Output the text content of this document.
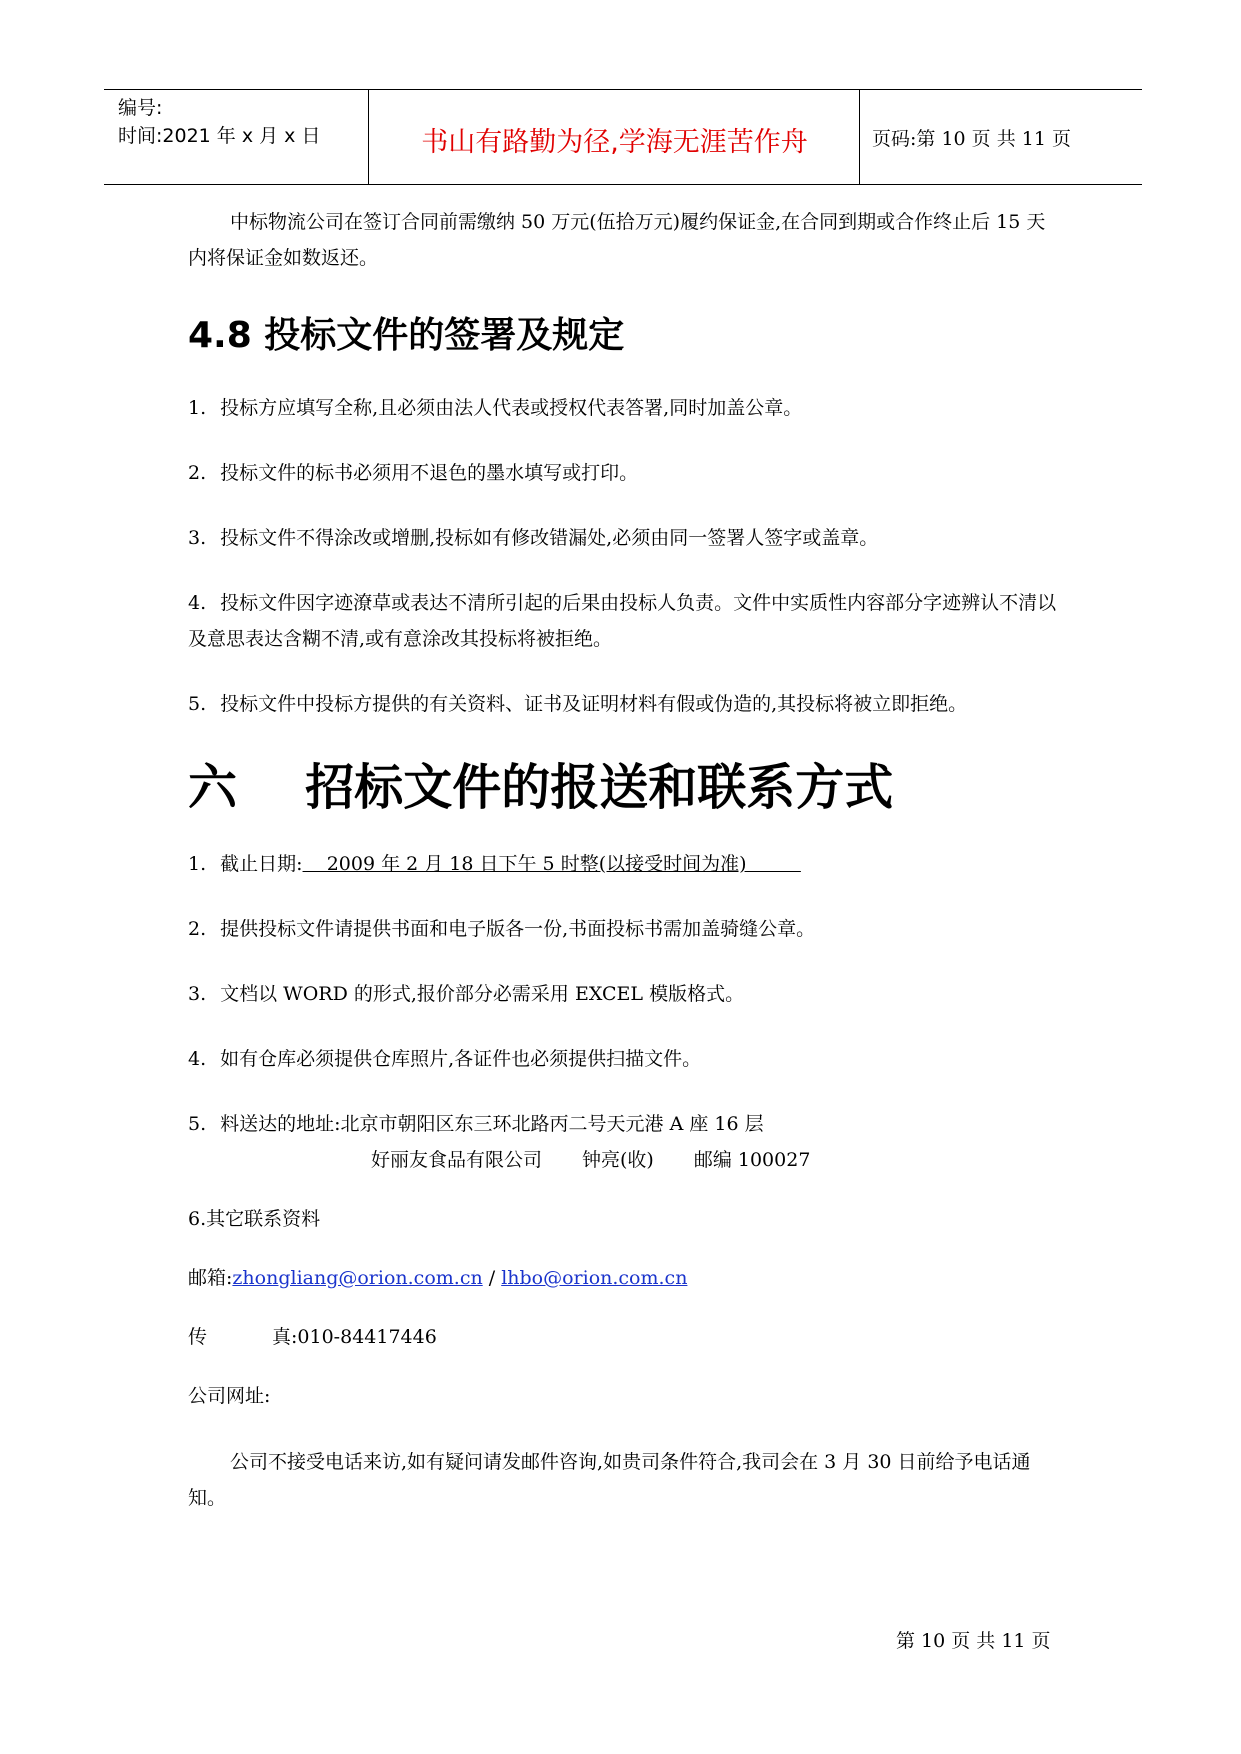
编号:
时间:2021 年 x 月 x 日	书山有路勤为径,学海无涯苦作舟	页码:第 10 页 共 11 页

中标物流公司在签订合同前需缴纳 50 万元(伍拾万元)履约保证金,在合同到期或合作终止后 15 天内将保证金如数返还。

4.8 投标文件的签署及规定

1. 投标方应填写全称,且必须由法人代表或授权代表答署,同时加盖公章。

2. 投标文件的标书必须用不退色的墨水填写或打印。

3. 投标文件不得涂改或增删,投标如有修改错漏处,必须由同一签署人签字或盖章。

4. 投标文件因字迹潦草或表达不清所引起的后果由投标人负责。文件中实质性内容部分字迹辨认不清以及意思表达含糊不清,或有意涂改其投标将被拒绝。

5. 投标文件中投标方提供的有关资料、证书及证明材料有假或伪造的,其投标将被立即拒绝。

六    招标文件的报送和联系方式

1. 截止日期:    2009 年 2 月 18 日下午 5 时整(以接受时间为准)

2. 提供投标文件请提供书面和电子版各一份,书面投标书需加盖骑缝公章。

3. 文档以 WORD 的形式,报价部分必需采用 EXCEL 模版格式。

4. 如有仓库必须提供仓库照片,各证件也必须提供扫描文件。

5. 料送达的地址:北京市朝阳区东三环北路丙二号天元港 A 座 16 层

好丽友食品有限公司 钟亮(收) 邮编 100027

6.其它联系资料

邮箱:zhongliang@orion.com.cn / lhbo@orion.com.cn

传	真:010-84417446

公司网址:

公司不接受电话来访,如有疑问请发邮件咨询,如贵司条件符合,我司会在 3 月 30 日前给予电话通知。

第 10 页 共 11 页
